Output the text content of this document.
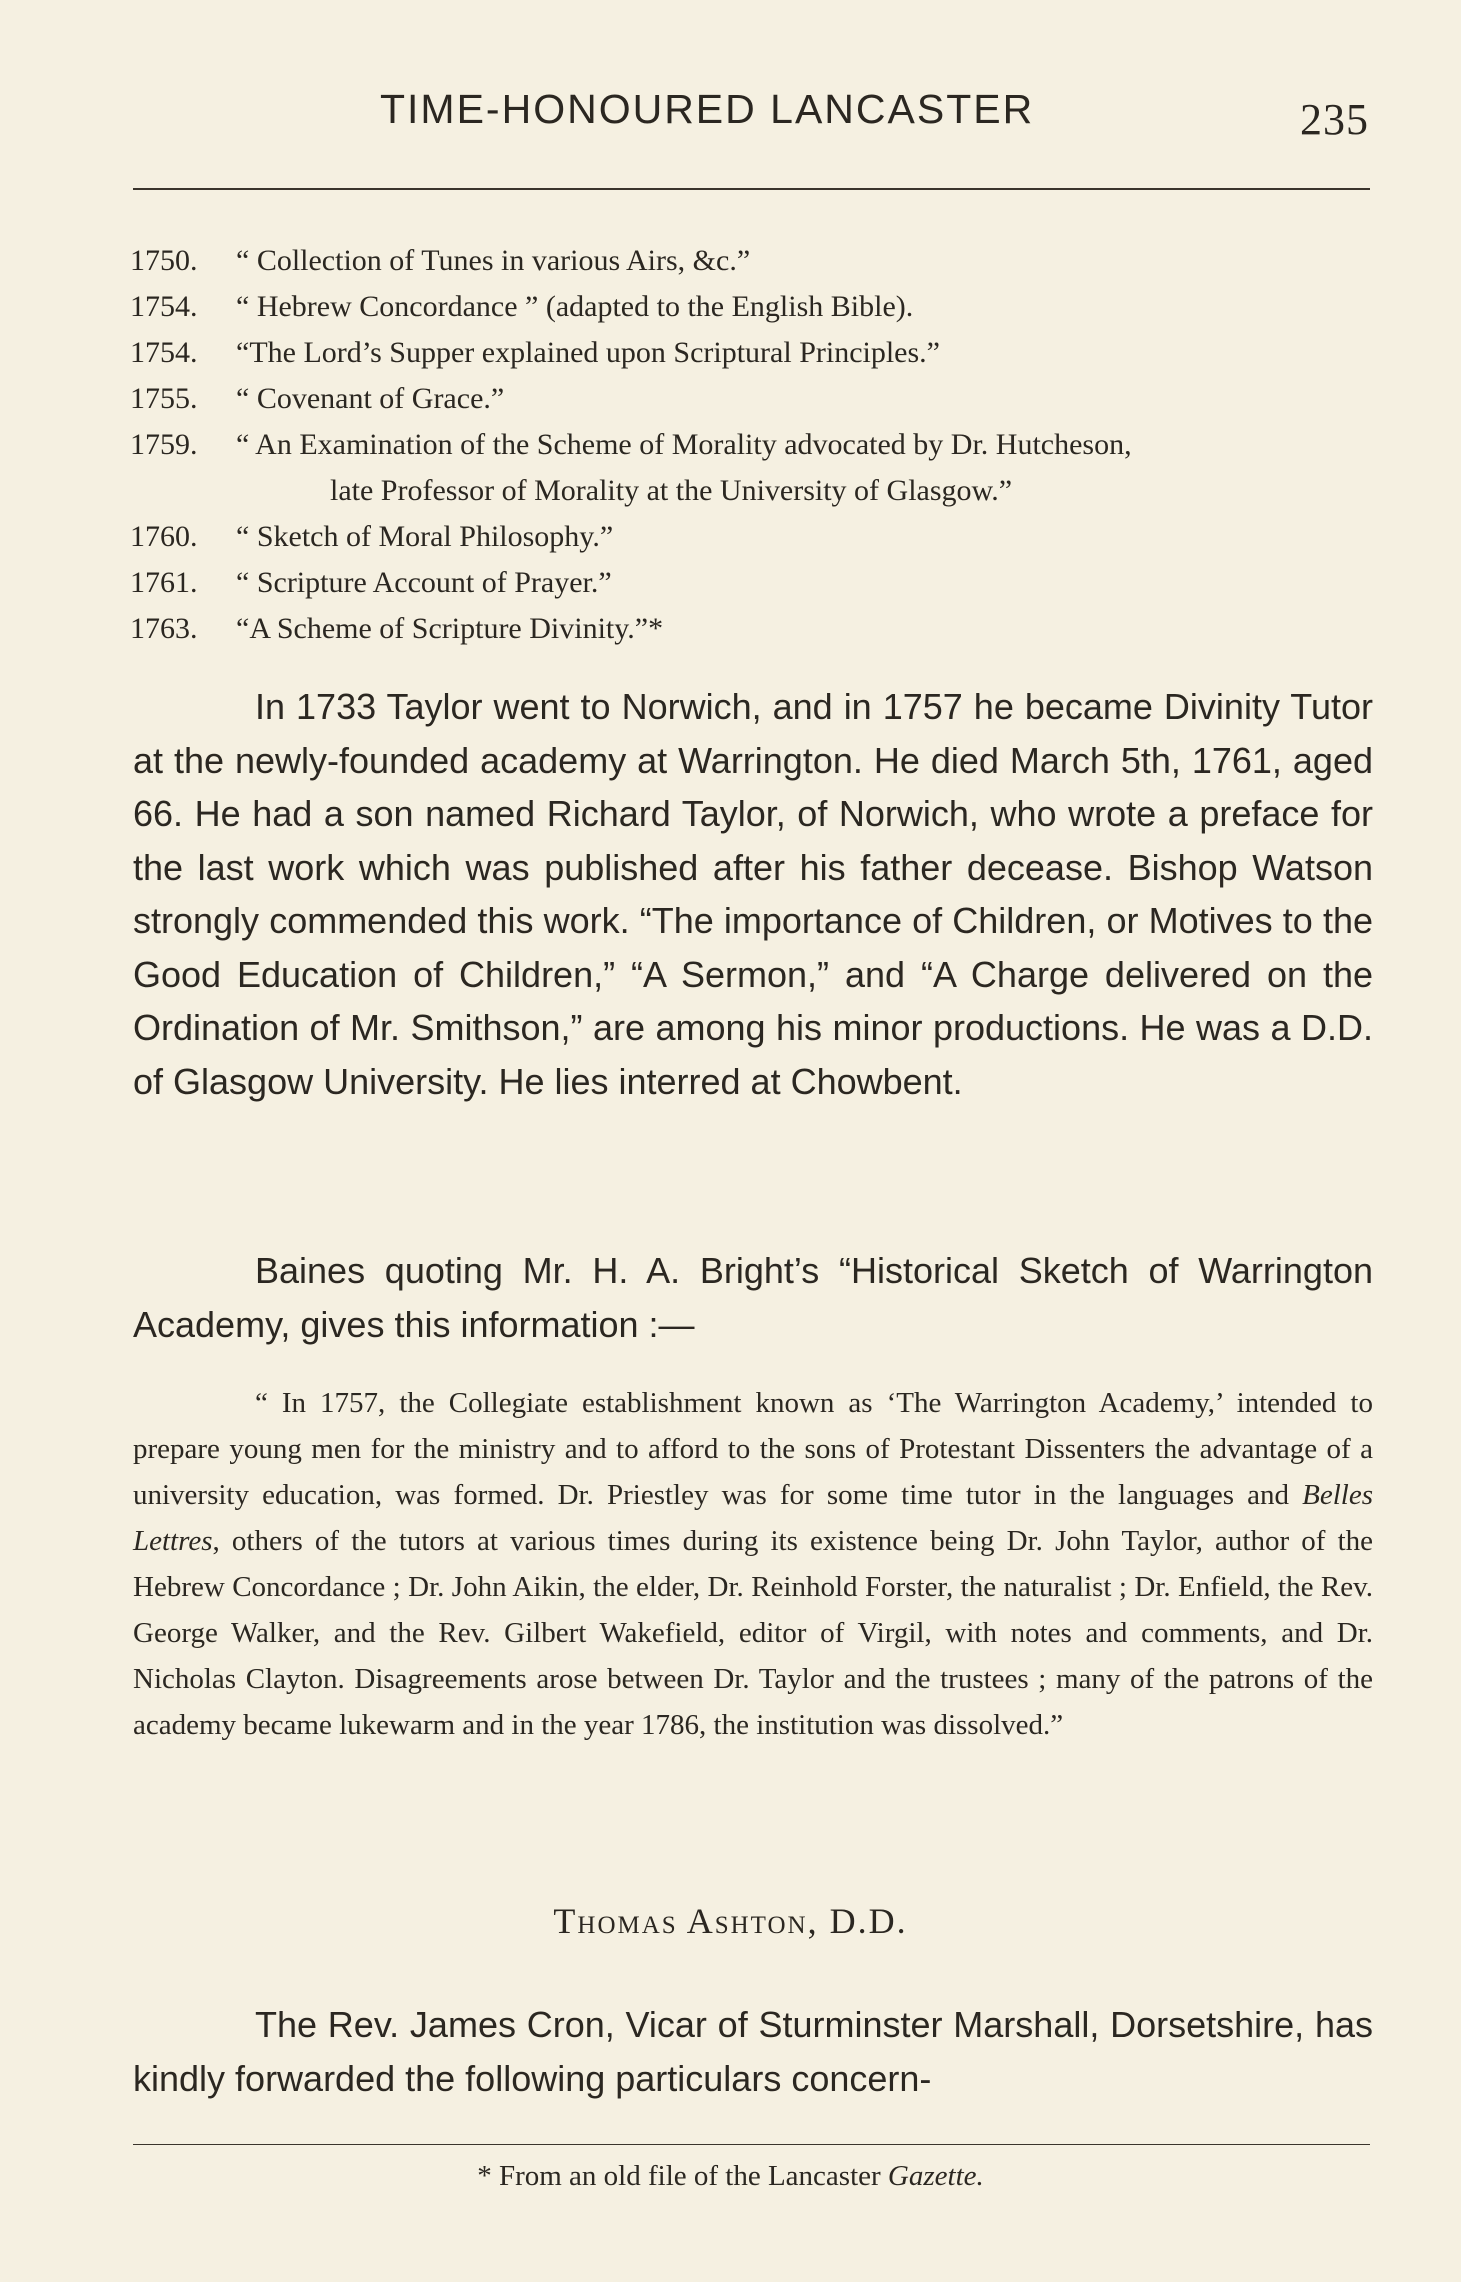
TIME-HONOURED LANCASTER	235
1750.	“ Collection of Tunes in various Airs, &c.”
1754.	“ Hebrew Concordance ” (adapted to the English Bible).
1754.	“The Lord’s Supper explained upon Scriptural Principles.”
1755.	“ Covenant of Grace.”
1759.	“ An Examination of the Scheme of Morality advocated by Dr. Hutcheson,
late Professor of Morality at the University of Glasgow.”
1760.	“ Sketch of Moral Philosophy.”
1761.	“ Scripture Account of Prayer.”
1763.	“A Scheme of Scripture Divinity.”*

In 1733 Taylor went to Norwich, and in 1757 he became Divinity Tutor at the newly-founded academy at Warrington. He died March 5th, 1761, aged 66. He had a son named Richard Taylor, of Norwich, who wrote a preface for the last work which was published after his father decease. Bishop Watson strongly commended this work. “The importance of Children, or Motives to the Good Education of Children,” “A Sermon,” and “A Charge delivered on the Ordination of Mr. Smithson,” are among his minor productions. He was a D.D. of Glasgow University. He lies interred at Chowbent.

Baines quoting Mr. H. A. Bright’s “Historical Sketch of Warrington Academy, gives this information :—

“ In 1757, the Collegiate establishment known as ‘The Warrington Academy,’ intended to prepare young men for the ministry and to afford to the sons of Protestant Dissenters the advantage of a university education, was formed. Dr. Priestley was for some time tutor in the languages and Belles Lettres, others of the tutors at various times during its existence being Dr. John Taylor, author of the Hebrew Concordance ; Dr. John Aikin, the elder, Dr. Reinhold Forster, the naturalist ; Dr. Enfield, the Rev. George Walker, and the Rev. Gilbert Wakefield, editor of Virgil, with notes and comments, and Dr. Nicholas Clayton. Disagreements arose between Dr. Taylor and the trustees ; many of the patrons of the academy became lukewarm and in the year 1786, the institution was dissolved.”

Thomas Ashton, D.D.

The Rev. James Cron, Vicar of Sturminster Marshall, Dorsetshire, has kindly forwarded the following particulars concern-

* From an old file of the Lancaster Gazette.
